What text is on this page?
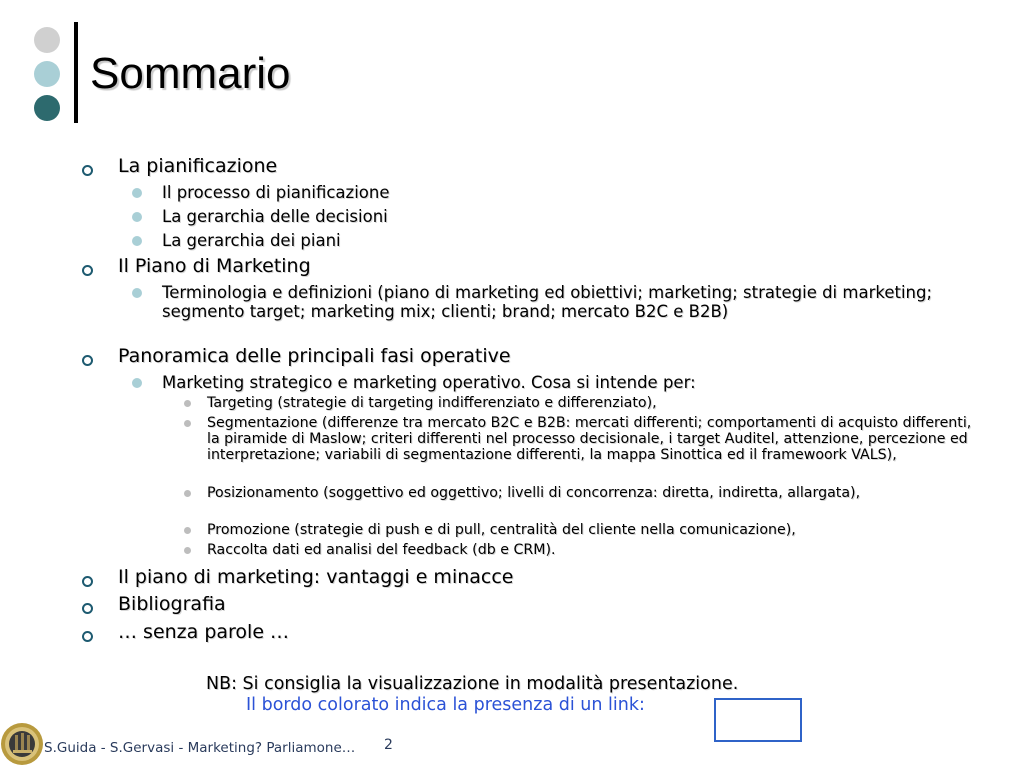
Sommario
La pianificazione
Il processo di pianificazione
La gerarchia delle decisioni
La gerarchia dei piani
Il Piano di Marketing
Terminologia e definizioni (piano di marketing ed obiettivi; marketing; strategie di marketing; segmento target; marketing mix; clienti; brand; mercato B2C e B2B)
Panoramica delle principali fasi operative
Marketing strategico e marketing operativo. Cosa si intende per:
Targeting (strategie di targeting indifferenziato e differenziato),
Segmentazione (differenze tra mercato B2C e B2B: mercati differenti; comportamenti di acquisto differenti, la piramide di Maslow; criteri differenti nel processo decisionale, i target Auditel, attenzione, percezione ed interpretazione; variabili di segmentazione differenti, la mappa Sinottica ed il framewoork VALS),
Posizionamento (soggettivo ed oggettivo; livelli di concorrenza: diretta, indiretta, allargata),
Promozione (strategie di push e di pull, centralità del cliente nella comunicazione),
Raccolta dati ed analisi del feedback (db e CRM).
Il piano di marketing: vantaggi e minacce
Bibliografia
… senza parole …
NB: Si consiglia la visualizzazione in modalità presentazione.
Il bordo colorato indica la presenza di un link:
S.Guida - S.Gervasi - Marketing? Parliamone… 2
